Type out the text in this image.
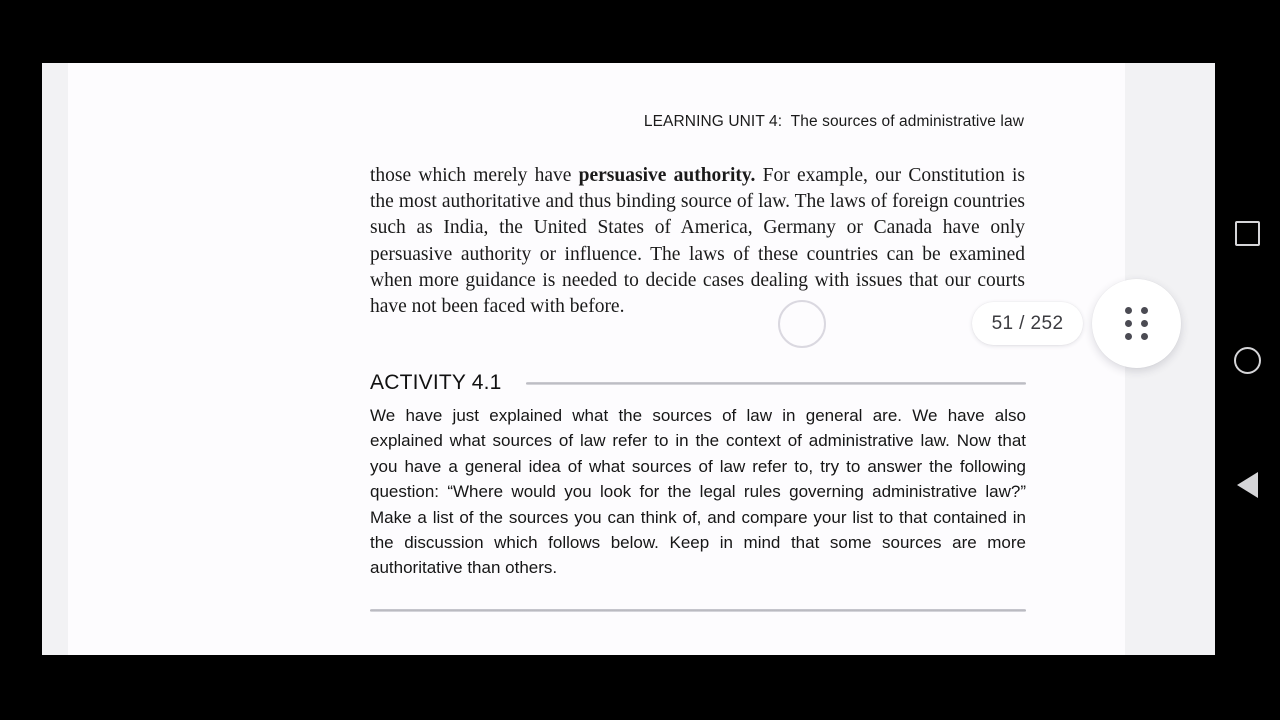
LEARNING UNIT 4:  The sources of administrative law
those which merely have persuasive authority. For example, our Constitution is the most authoritative and thus binding source of law. The laws of foreign countries such as India, the United States of America, Germany or Canada have only persuasive authority or influence. The laws of these countries can be examined when more guidance is needed to decide cases dealing with issues that our courts have not been faced with before.
ACTIVITY 4.1
We have just explained what the sources of law in general are. We have also explained what sources of law refer to in the context of administrative law. Now that you have a general idea of what sources of law refer to, try to answer the following question: “Where would you look for the legal rules governing administrative law?” Make a list of the sources you can think of, and compare your list to that contained in the discussion which follows below. Keep in mind that some sources are more authoritative than others.
51 / 252
